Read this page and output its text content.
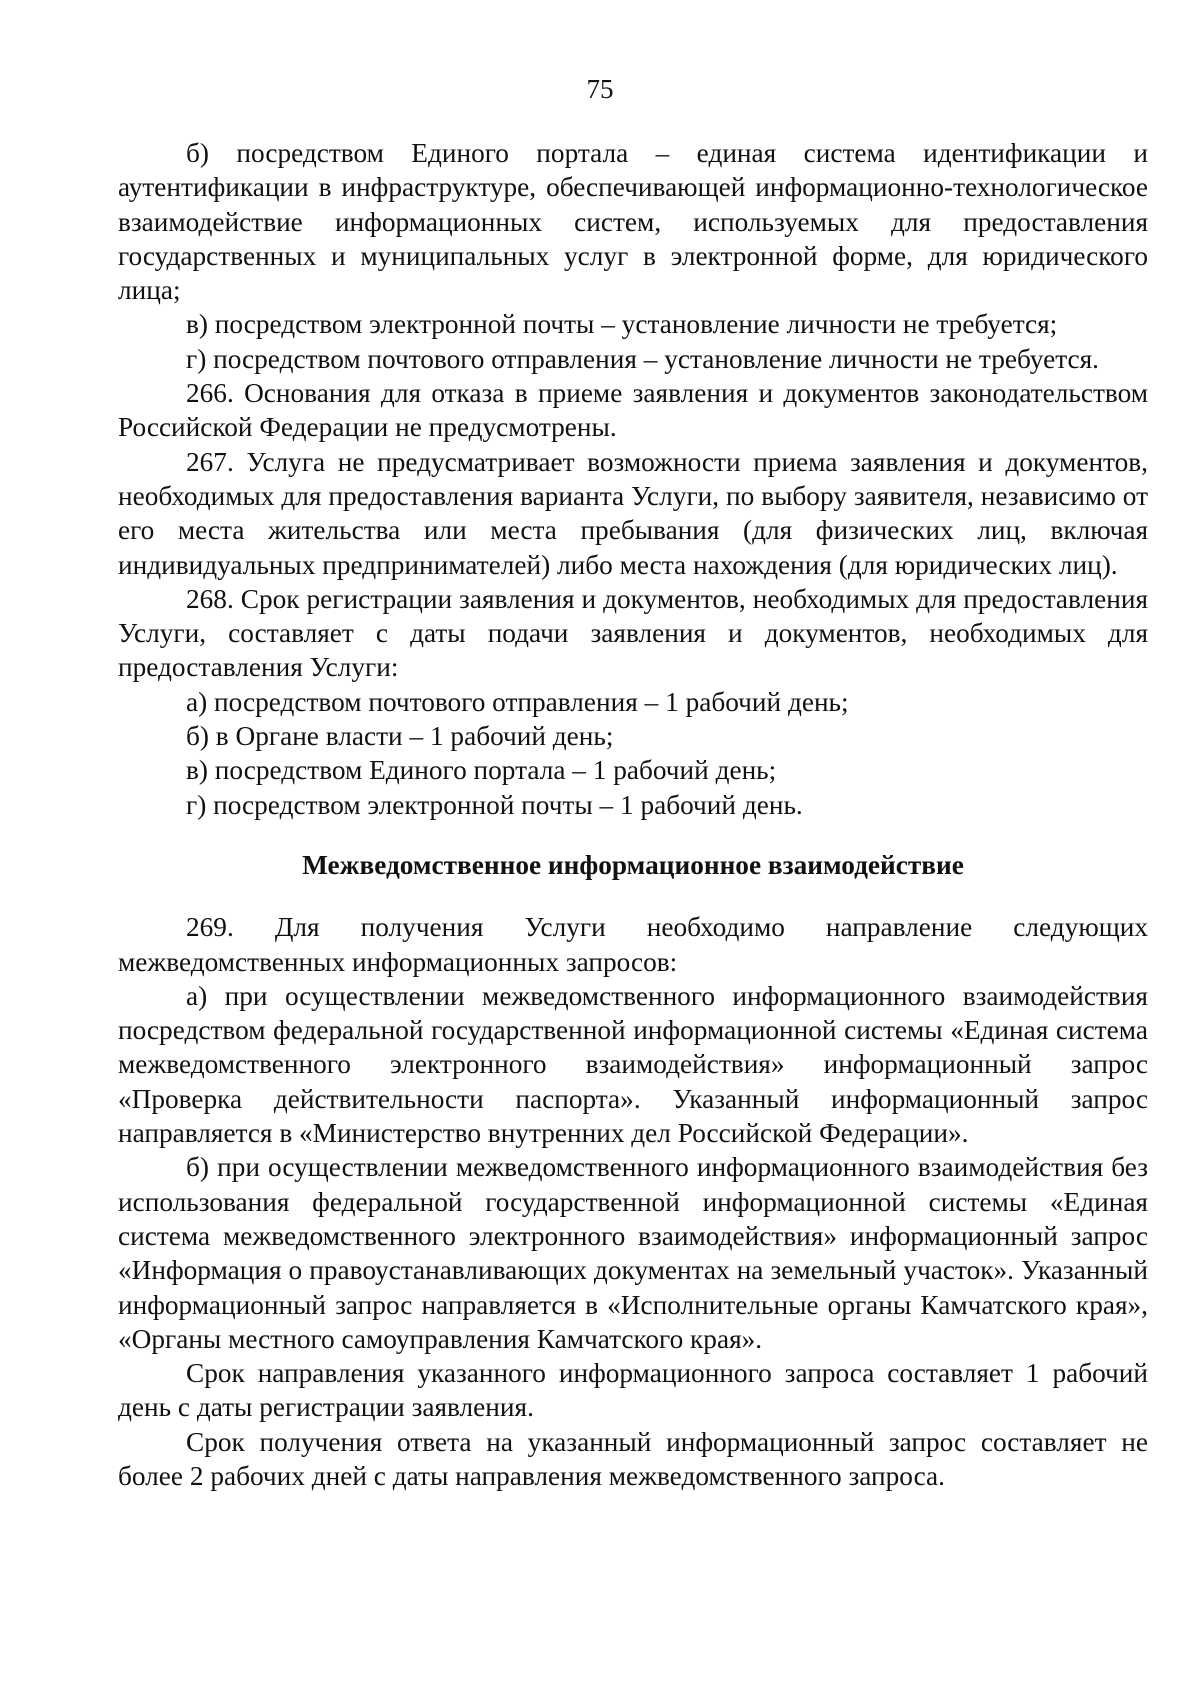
75

б) посредством Единого портала – единая система идентификации и аутентификации в инфраструктуре, обеспечивающей информационно-технологическое взаимодействие информационных систем, используемых для предоставления государственных и муниципальных услуг в электронной форме, для юридического лица;

в) посредством электронной почты – установление личности не требуется;

г) посредством почтового отправления – установление личности не требуется.

266. Основания для отказа в приеме заявления и документов законодательством Российской Федерации не предусмотрены.

267. Услуга не предусматривает возможности приема заявления и документов, необходимых для предоставления варианта Услуги, по выбору заявителя, независимо от его места жительства или места пребывания (для физических лиц, включая индивидуальных предпринимателей) либо места нахождения (для юридических лиц).

268. Срок регистрации заявления и документов, необходимых для предоставления Услуги, составляет с даты подачи заявления и документов, необходимых для предоставления Услуги:

а) посредством почтового отправления – 1 рабочий день;

б) в Органе власти – 1 рабочий день;

в) посредством Единого портала – 1 рабочий день;

г) посредством электронной почты – 1 рабочий день.

Межведомственное информационное взаимодействие

269. Для получения Услуги необходимо направление следующих межведомственных информационных запросов:

а) при осуществлении межведомственного информационного взаимодействия посредством федеральной государственной информационной системы «Единая система межведомственного электронного взаимодействия» информационный запрос «Проверка действительности паспорта». Указанный информационный запрос направляется в «Министерство внутренних дел Российской Федерации».

б) при осуществлении межведомственного информационного взаимодействия без использования федеральной государственной информационной системы «Единая система межведомственного электронного взаимодействия» информационный запрос «Информация о правоустанавливающих документах на земельный участок». Указанный информационный запрос направляется в «Исполнительные органы Камчатского края», «Органы местного самоуправления Камчатского края».

Срок направления указанного информационного запроса составляет 1 рабочий день с даты регистрации заявления.

Срок получения ответа на указанный информационный запрос составляет не более 2 рабочих дней с даты направления межведомственного запроса.
